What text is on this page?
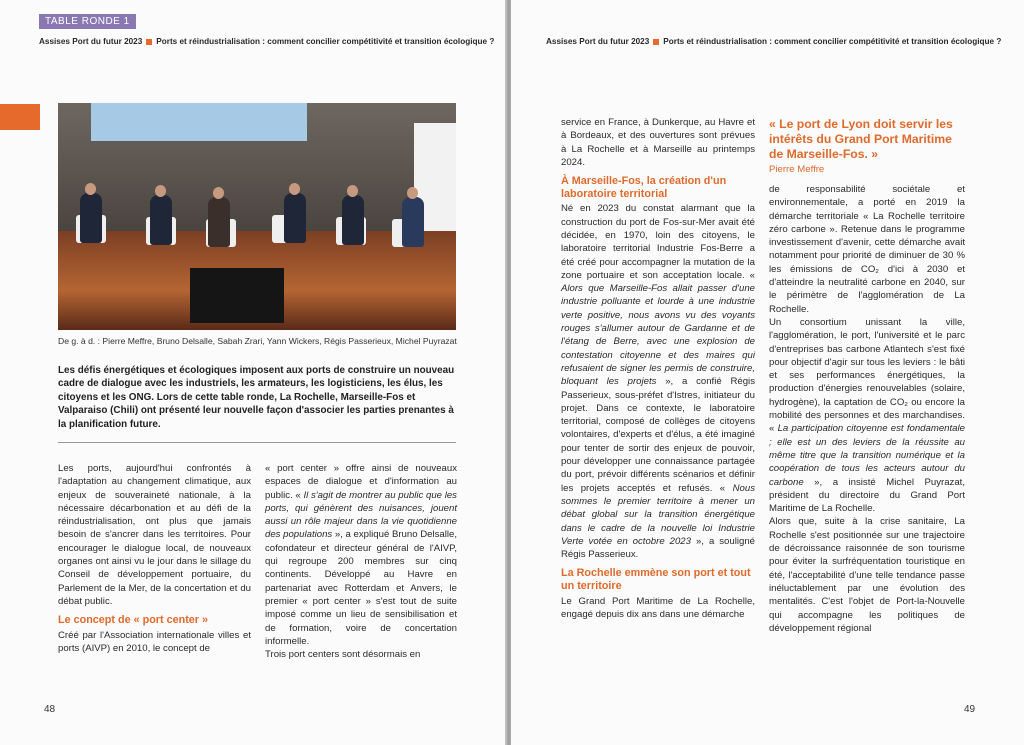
TABLE RONDE 1
Assises Port du futur 2023 Ports et réindustrialisation : comment concilier compétitivité et transition écologique ?
De g. à d. : Pierre Meffre, Bruno Delsalle, Sabah Zrari, Yann Wickers, Régis Passerieux, Michel Puyrazat
Les défis énergétiques et écologiques imposent aux ports de construire un nouveau cadre de dialogue avec les industriels, les armateurs, les logisticiens, les élus, les citoyens et les ONG. Lors de cette table ronde, La Rochelle, Marseille-Fos et Valparaiso (Chili) ont présenté leur nouvelle façon d'associer les parties prenantes à la planification future.

Les ports, aujourd'hui confrontés à l'adaptation au changement climatique, aux enjeux de souveraineté nationale, à la nécessaire décarbonation et au défi de la réindustrialisation, ont plus que jamais besoin de s'ancrer dans les territoires. Pour encourager le dialogue local, de nouveaux organes ont ainsi vu le jour dans le sillage du Conseil de développement portuaire, du Parlement de la Mer, de la concertation et du débat public.

Le concept de « port center »

Créé par l'Association internationale villes et ports (AIVP) en 2010, le concept de

« port center » offre ainsi de nouveaux espaces de dialogue et d'information au public. « Il s'agit de montrer au public que les ports, qui génèrent des nuisances, jouent aussi un rôle majeur dans la vie quotidienne des populations », a expliqué Bruno Delsalle, cofondateur et directeur général de l'AIVP, qui regroupe 200 membres sur cinq continents. Développé au Havre en partenariat avec Rotterdam et Anvers, le premier « port center » s'est tout de suite imposé comme un lieu de sensibilisation et de formation, voire de concertation informelle.

Trois port centers sont désormais en

48
Assises Port du futur 2023 Ports et réindustrialisation : comment concilier compétitivité et transition écologique ?

service en France, à Dunkerque, au Havre et à Bordeaux, et des ouvertures sont prévues à La Rochelle et à Marseille au printemps 2024.

À Marseille-Fos, la création d'un laboratoire territorial

Né en 2023 du constat alarmant que la construction du port de Fos-sur-Mer avait été décidée, en 1970, loin des citoyens, le laboratoire territorial Industrie Fos-Berre a été créé pour accompagner la mutation de la zone portuaire et son acceptation locale. « Alors que Marseille-Fos allait passer d'une industrie polluante et lourde à une industrie verte positive, nous avons vu des voyants rouges s'allumer autour de Gardanne et de l'étang de Berre, avec une explosion de contestation citoyenne et des maires qui refusaient de signer les permis de construire, bloquant les projets », a confié Régis Passerieux, sous-préfet d'Istres, initiateur du projet. Dans ce contexte, le laboratoire territorial, composé de collèges de citoyens volontaires, d'experts et d'élus, a été imaginé pour tenter de sortir des enjeux de pouvoir, pour développer une connaissance partagée du port, prévoir différents scénarios et définir les projets acceptés et refusés. « Nous sommes le premier territoire à mener un débat global sur la transition énergétique dans le cadre de la nouvelle loi Industrie Verte votée en octobre 2023 », a souligné Régis Passerieux.

La Rochelle emmène son port et tout un territoire

Le Grand Port Maritime de La Rochelle, engagé depuis dix ans dans une démarche

de responsabilité sociétale et environnementale, a porté en 2019 la démarche territoriale « La Rochelle territoire zéro carbone ». Retenue dans le programme investissement d'avenir, cette démarche avait notamment pour priorité de diminuer de 30 % les émissions de CO₂ d'ici à 2030 et d'atteindre la neutralité carbone en 2040, sur le périmètre de l'agglomération de La Rochelle.

Un consortium unissant la ville, l'agglomération, le port, l'université et le parc d'entreprises bas carbone Atlantech s'est fixé pour objectif d'agir sur tous les leviers : le bâti et ses performances énergétiques, la production d'énergies renouvelables (solaire, hydrogène), la captation de CO₂ ou encore la mobilité des personnes et des marchandises. « La participation citoyenne est fondamentale ; elle est un des leviers de la réussite au même titre que la transition numérique et la coopération de tous les acteurs autour du carbone », a insisté Michel Puyrazat, président du directoire du Grand Port Maritime de La Rochelle.

Alors que, suite à la crise sanitaire, La Rochelle s'est positionnée sur une trajectoire de décroissance raisonnée de son tourisme pour éviter la surfréquentation touristique en été, l'acceptabilité d'une telle tendance passe inéluctablement par une évolution des mentalités. C'est l'objet de Port-la-Nouvelle qui accompagne les politiques de développement régional

49
« Le port de Lyon doit servir les intérêts du Grand Port Maritime de Marseille-Fos. »
Pierre Meffre
